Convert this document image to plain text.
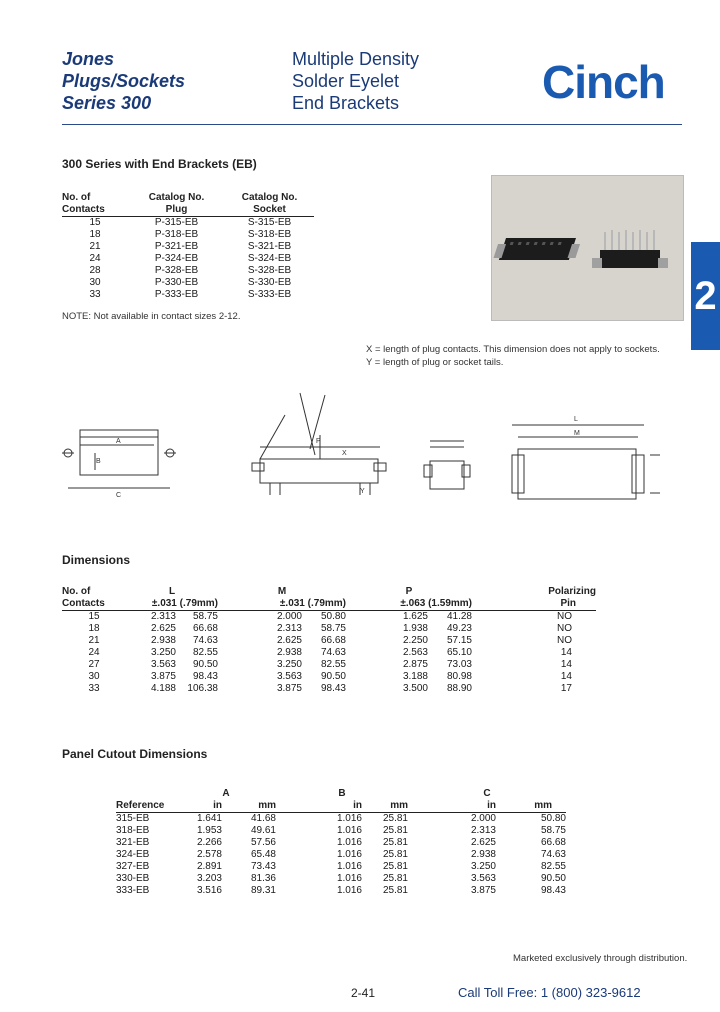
Jones
Plugs/Sockets
Series 300
Multiple Density
Solder Eyelet
End Brackets	Cinch
2
300 Series with End Brackets (EB)
No. of	Catalog No.	Catalog No.
Contacts	Plug	Socket
15	P-315-EB	S-315-EB
18	P-318-EB	S-318-EB
21	P-321-EB	S-321-EB
24	P-324-EB	S-324-EB
28	P-328-EB	S-328-EB
30	P-330-EB	S-330-EB
33	P-333-EB	S-333-EB
NOTE: Not available in contact sizes 2-12.
X = length of plug contacts. This dimension does not apply to sockets.
Y = length of plug or socket tails.
A
B
C
P
X
Y
L
M
Dimensions
No. of	L		M		P		Polarizing
Contacts	±.031 (.79mm)		±.031 (.79mm)		±.063 (1.59mm)		Pin
15	2.313	58.75	2.000	50.80	1.625	41.28	NO
18	2.625	66.68	2.313	58.75	1.938	49.23	NO
21	2.938	74.63	2.625	66.68	2.250	57.15	NO
24	3.250	82.55	2.938	74.63	2.563	65.10	14
27	3.563	90.50	3.250	82.55	2.875	73.03	14
30	3.875	98.43	3.563	90.50	3.188	80.98	14
33	4.188	106.38	3.875	98.43	3.500	88.90	17
Panel Cutout Dimensions
	A		B		C	
Reference	in	mm	in	mm	in	mm
315-EB	1.641	41.68	1.016	25.81	2.000	50.80
318-EB	1.953	49.61	1.016	25.81	2.313	58.75
321-EB	2.266	57.56	1.016	25.81	2.625	66.68
324-EB	2.578	65.48	1.016	25.81	2.938	74.63
327-EB	2.891	73.43	1.016	25.81	3.250	82.55
330-EB	3.203	81.36	1.016	25.81	3.563	90.50
333-EB	3.516	89.31	1.016	25.81	3.875	98.43
Marketed exclusively through distribution.
2-41	Call Toll Free: 1 (800) 323-9612
